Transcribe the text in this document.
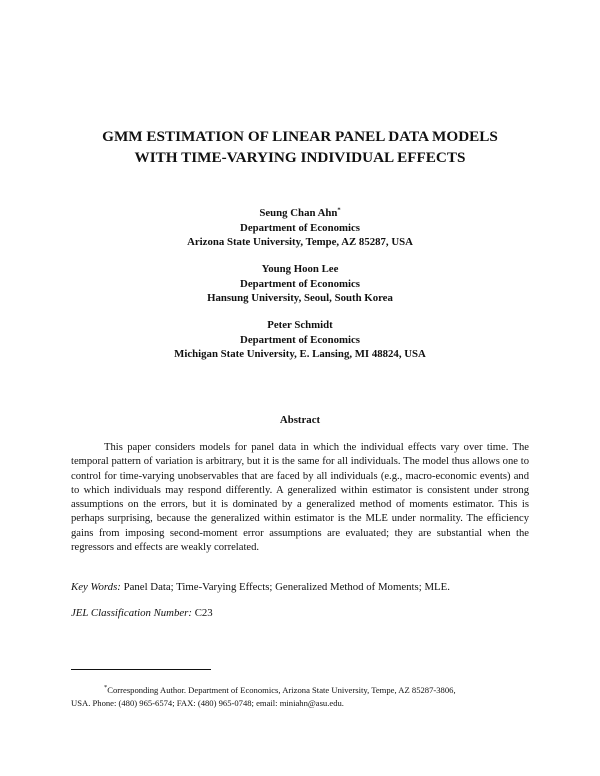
GMM ESTIMATION OF LINEAR PANEL DATA MODELS
WITH TIME-VARYING INDIVIDUAL EFFECTS
Seung Chan Ahn*
Department of Economics
Arizona State University, Tempe, AZ 85287, USA
Young Hoon Lee
Department of Economics
Hansung University, Seoul, South Korea
Peter Schmidt
Department of Economics
Michigan State University, E. Lansing, MI 48824, USA
Abstract
This paper considers models for panel data in which the individual effects vary over time. The temporal pattern of variation is arbitrary, but it is the same for all individuals. The model thus allows one to control for time-varying unobservables that are faced by all individuals (e.g., macro-economic events) and to which individuals may respond differently. A generalized within estimator is consistent under strong assumptions on the errors, but it is dominated by a generalized method of moments estimator. This is perhaps surprising, because the generalized within estimator is the MLE under normality. The efficiency gains from imposing second-moment error assumptions are evaluated; they are substantial when the regressors and effects are weakly correlated.
Key Words: Panel Data; Time-Varying Effects; Generalized Method of Moments; MLE.
JEL Classification Number: C23
*Corresponding Author. Department of Economics, Arizona State University, Tempe, AZ 85287-3806,
USA. Phone: (480) 965-6574; FAX: (480) 965-0748; email: miniahn@asu.edu.
